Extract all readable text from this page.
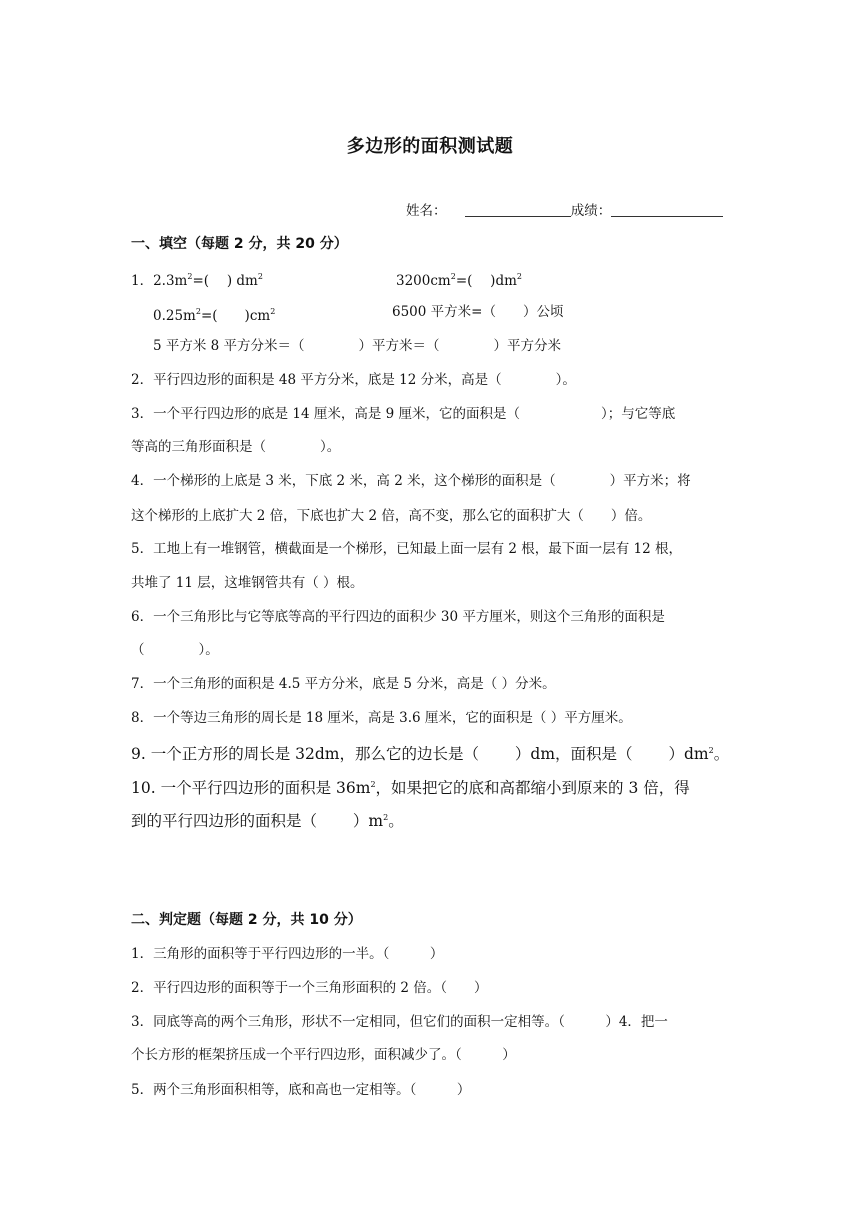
多边形的面积测试题
姓名：	成绩：
一、填空（每题 2 分，共 20 分）
1．$2.3m^2=$(　 ) $dm^2$	$3200cm^2=$(　 )$dm^2$
$0.25m^2=$(　　)$cm^2$	6500 平方米=（　　）公顷
5 平方米 8 平方分米＝（　　　　）平方米＝（　　　　）平方分米
2．平行四边形的面积是 48 平方分米，底是 12 分米，高是（　　　　）。
3．一个平行四边形的底是 14 厘米，高是 9 厘米，它的面积是（　　　　　　）；与它等底
等高的三角形面积是（　　　　）。
4．一个梯形的上底是 3 米，下底 2 米，高 2 米，这个梯形的面积是（　　　　）平方米；将
这个梯形的上底扩大 2 倍，下底也扩大 2 倍，高不变，那么它的面积扩大（　　）倍。
5．工地上有一堆钢管，横截面是一个梯形，已知最上面一层有 2 根，最下面一层有 12 根，
共堆了 11 层，这堆钢管共有（ ）根。
6．一个三角形比与它等底等高的平行四边的面积少 30 平方厘米，则这个三角形的面积是
（　　　　）。
7．一个三角形的面积是 4.5 平方分米，底是 5 分米，高是（ ）分米。
8．一个等边三角形的周长是 18 厘米，高是 3.6 厘米，它的面积是（ ）平方厘米。
9. 一个正方形的周长是 32dm，那么它的边长是（　　 ）dm，面积是（　　 ）$dm^2$。
10. 一个平行四边形的面积是 $36m^2$，如果把它的底和高都缩小到原来的 3 倍，得
到的平行四边形的面积是（　　 ）$m^2$。
二、判定题（每题 2 分，共 10 分）
1．三角形的面积等于平行四边形的一半。（　　　）
2．平行四边形的面积等于一个三角形面积的 2 倍。（　　）
3．同底等高的两个三角形，形状不一定相同，但它们的面积一定相等。（　　　）4．把一
个长方形的框架挤压成一个平行四边形，面积减少了。（　　　）
5．两个三角形面积相等，底和高也一定相等。（　　　）
